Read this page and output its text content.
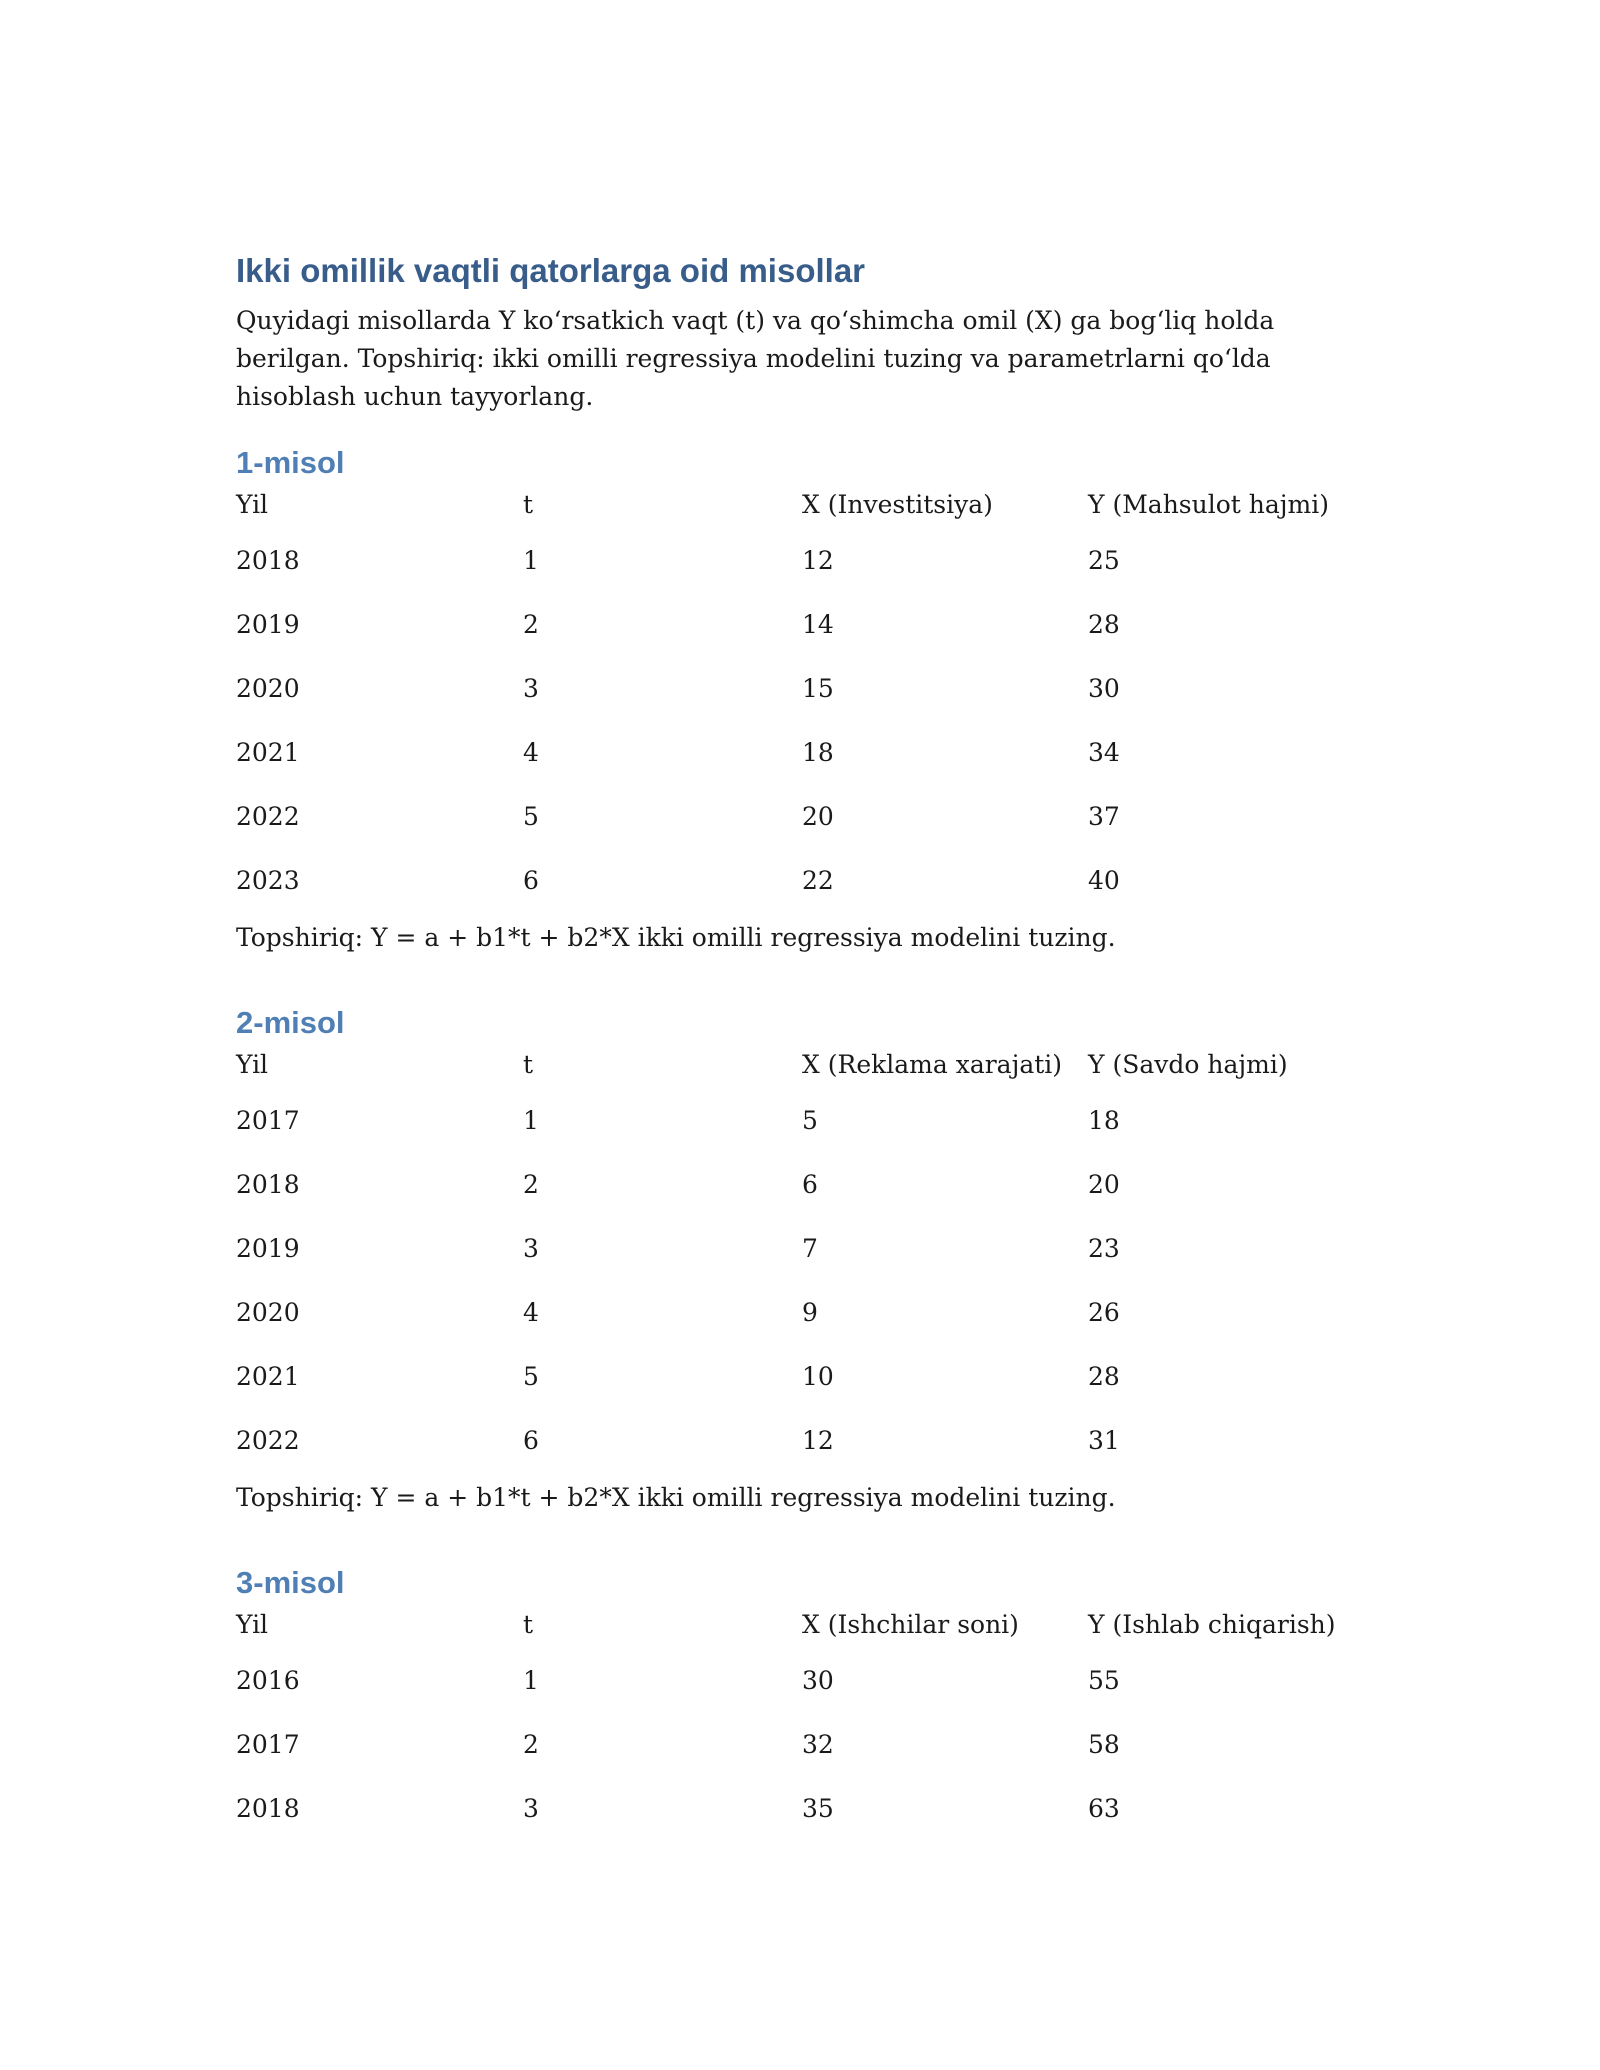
Ikki omillik vaqtli qatorlarga oid misollar

Quyidagi misollarda Y ko‘rsatkich vaqt (t) va qo‘shimcha omil (X) ga bog‘liq holda berilgan. Topshiriq: ikki omilli regressiya modelini tuzing va parametrlarni qo‘lda hisoblash uchun tayyorlang.

1-misol
Yil	t	X (Investitsiya)	Y (Mahsulot hajmi)
2018	1	12	25
2019	2	14	28
2020	3	15	30
2021	4	18	34
2022	5	20	37
2023	6	22	40

Topshiriq: Y = a + b1*t + b2*X ikki omilli regressiya modelini tuzing.

2-misol
Yil	t	X (Reklama xarajati)	Y (Savdo hajmi)
2017	1	5	18
2018	2	6	20
2019	3	7	23
2020	4	9	26
2021	5	10	28
2022	6	12	31

Topshiriq: Y = a + b1*t + b2*X ikki omilli regressiya modelini tuzing.

3-misol
Yil	t	X (Ishchilar soni)	Y (Ishlab chiqarish)
2016	1	30	55
2017	2	32	58
2018	3	35	63
